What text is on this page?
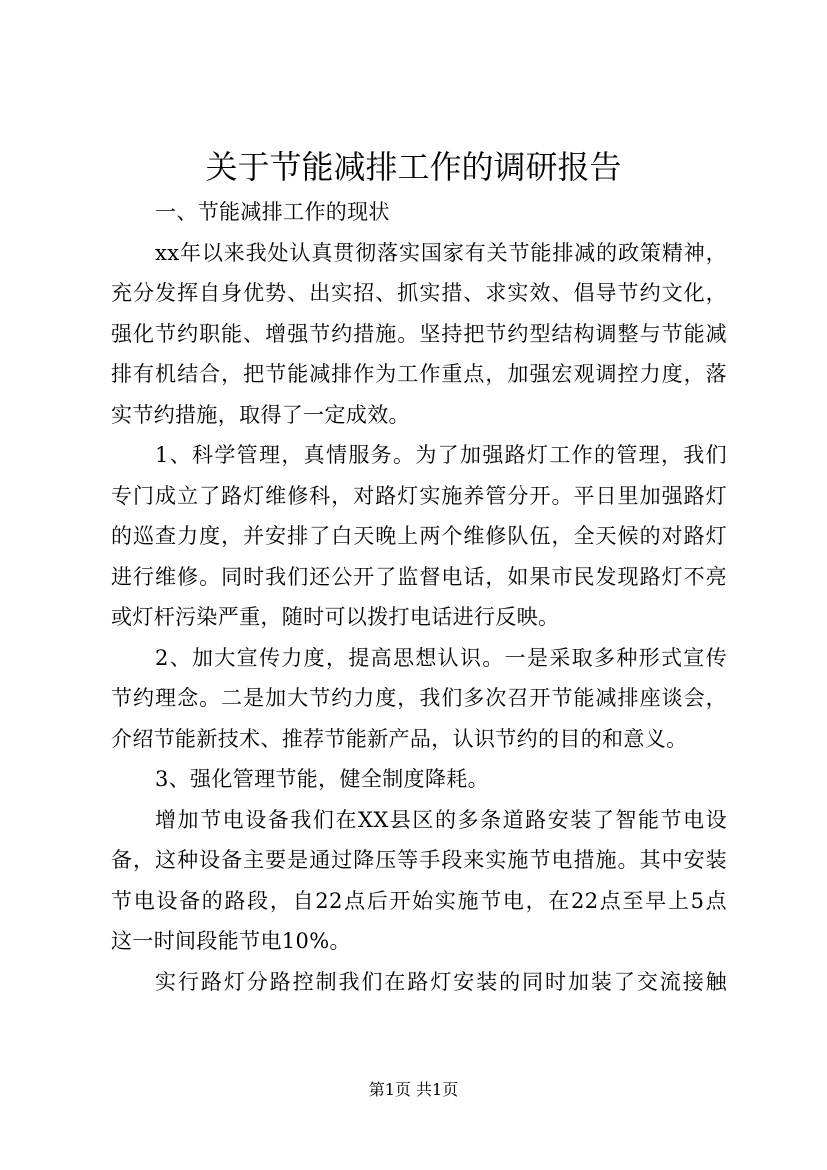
关于节能减排工作的调研报告
一、节能减排工作的现状
xx年以来我处认真贯彻落实国家有关节能排减的政策精神，
充分发挥自身优势、出实招、抓实措、求实效、倡导节约文化，
强化节约职能、增强节约措施。坚持把节约型结构调整与节能减
排有机结合，把节能减排作为工作重点，加强宏观调控力度，落
实节约措施，取得了一定成效。
1、科学管理，真情服务。为了加强路灯工作的管理，我们
专门成立了路灯维修科，对路灯实施养管分开。平日里加强路灯
的巡查力度，并安排了白天晚上两个维修队伍，全天候的对路灯
进行维修。同时我们还公开了监督电话，如果市民发现路灯不亮
或灯杆污染严重，随时可以拨打电话进行反映。
2、加大宣传力度，提高思想认识。一是采取多种形式宣传
节约理念。二是加大节约力度，我们多次召开节能减排座谈会，
介绍节能新技术、推荐节能新产品，认识节约的目的和意义。
3、强化管理节能，健全制度降耗。
增加节电设备我们在XX县区的多条道路安装了智能节电设
备，这种设备主要是通过降压等手段来实施节电措施。其中安装
节电设备的路段，自22点后开始实施节电，在22点至早上5点
这一时间段能节电10%。
实行路灯分路控制我们在路灯安装的同时加装了交流接触
第1页 共1页
